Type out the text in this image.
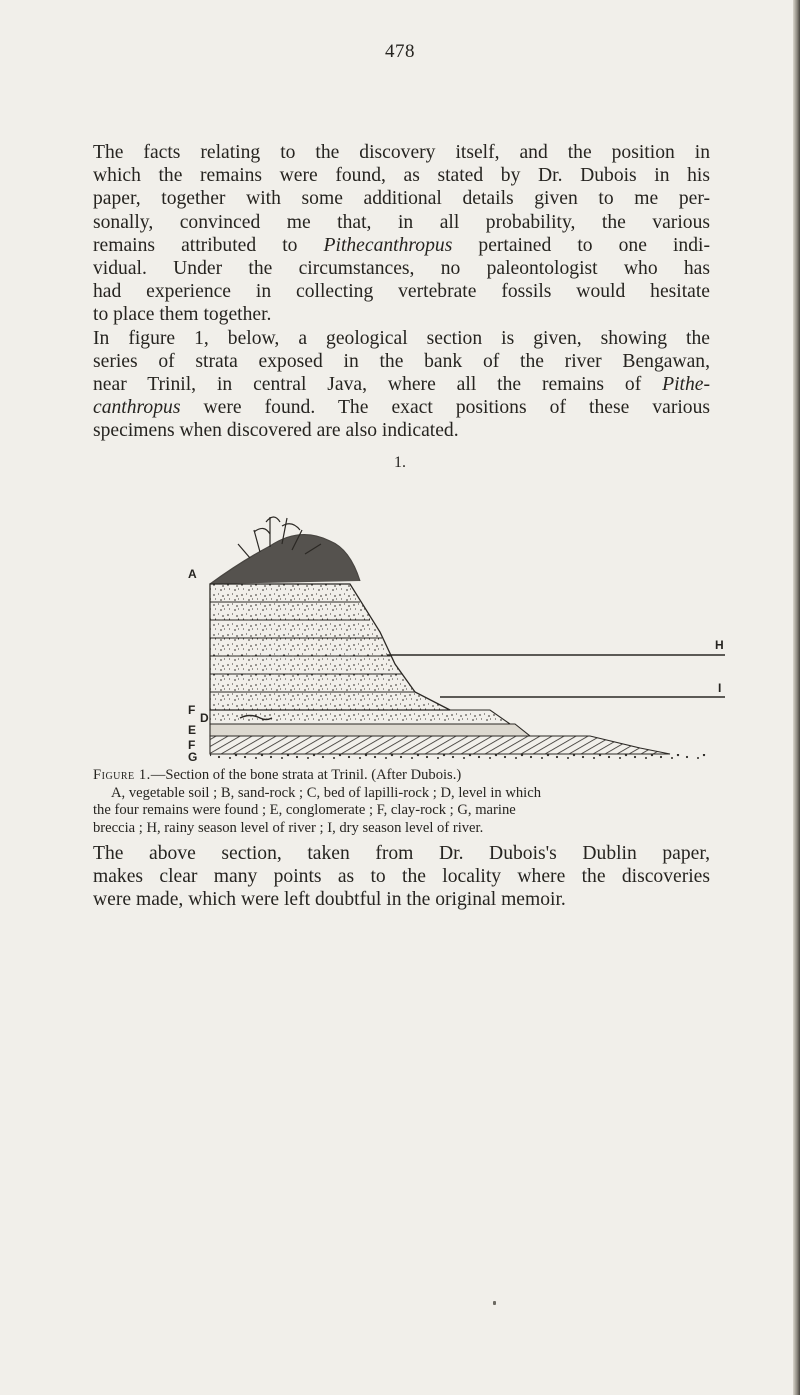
478

The facts relating to the discovery itself, and the position in
which the remains were found, as stated by Dr. Dubois in his
paper, together with some additional details given to me per-
sonally, convinced me that, in all probability, the various
remains attributed to Pithecanthropus pertained to one indi-
vidual. Under the circumstances, no paleontologist who has
had experience in collecting vertebrate fossils would hesitate
to place them together.

In figure 1, below, a geological section is given, showing the
series of strata exposed in the bank of the river Bengawan,
near Trinil, in central Java, where all the remains of Pithe-
canthropus were found. The exact positions of these various
specimens when discovered are also indicated.

1.
A
F
H
I
D
E
F
G
Figure 1.—Section of the bone strata at Trinil. (After Dubois.)
A, vegetable soil ; B, sand-rock ; C, bed of lapilli-rock ; D, level in which
the four remains were found ; E, conglomerate ; F, clay-rock ; G, marine
breccia ; H, rainy season level of river ; I, dry season level of river.

The above section, taken from Dr. Dubois's Dublin paper,
makes clear many points as to the locality where the discoveries
were made, which were left doubtful in the original memoir.
